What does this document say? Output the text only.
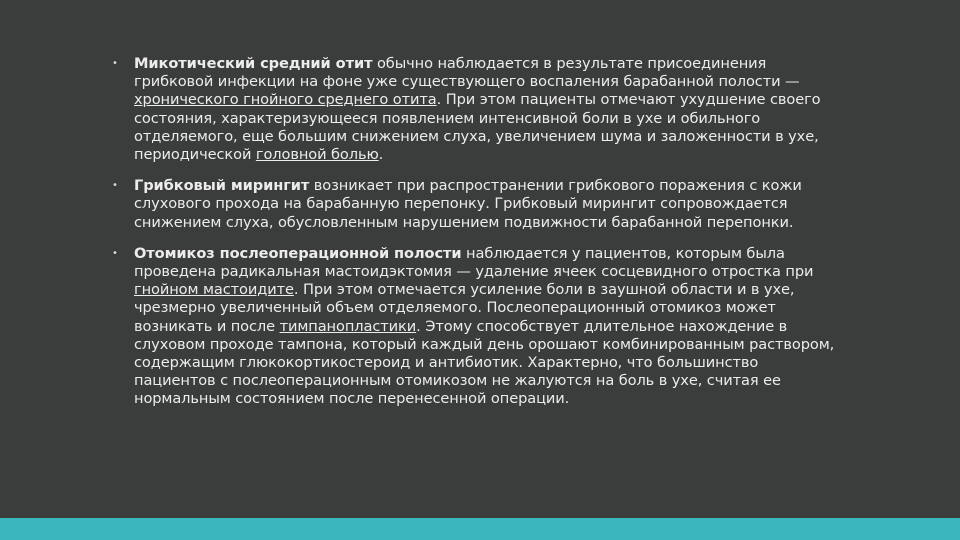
• Микотический средний отит обычно наблюдается в результате присоединения грибковой инфекции на фоне уже существующего воспаления барабанной полости — хронического гнойного среднего отита. При этом пациенты отмечают ухудшение своего состояния, характеризующееся появлением интенсивной боли в ухе и обильного отделяемого, еще большим снижением слуха, увеличением шума и заложенности в ухе, периодической головной болью.
• Грибковый мирингит возникает при распространении грибкового поражения с кожи слухового прохода на барабанную перепонку. Грибковый мирингит сопровождается снижением слуха, обусловленным нарушением подвижности барабанной перепонки.
• Отомикоз послеоперационной полости наблюдается у пациентов, которым была проведена радикальная мастоидэктомия — удаление ячеек сосцевидного отростка при гнойном мастоидите. При этом отмечается усиление боли в заушной области и в ухе, чрезмерно увеличенный объем отделяемого. Послеоперационный отомикоз может возникать и после тимпанопластики. Этому способствует длительное нахождение в слуховом проходе тампона, который каждый день орошают комбинированным раствором, содержащим глюкокортикостероид и антибиотик. Характерно, что большинство пациентов с послеоперационным отомикозом не жалуются на боль в ухе, считая ее нормальным состоянием после перенесенной операции.
